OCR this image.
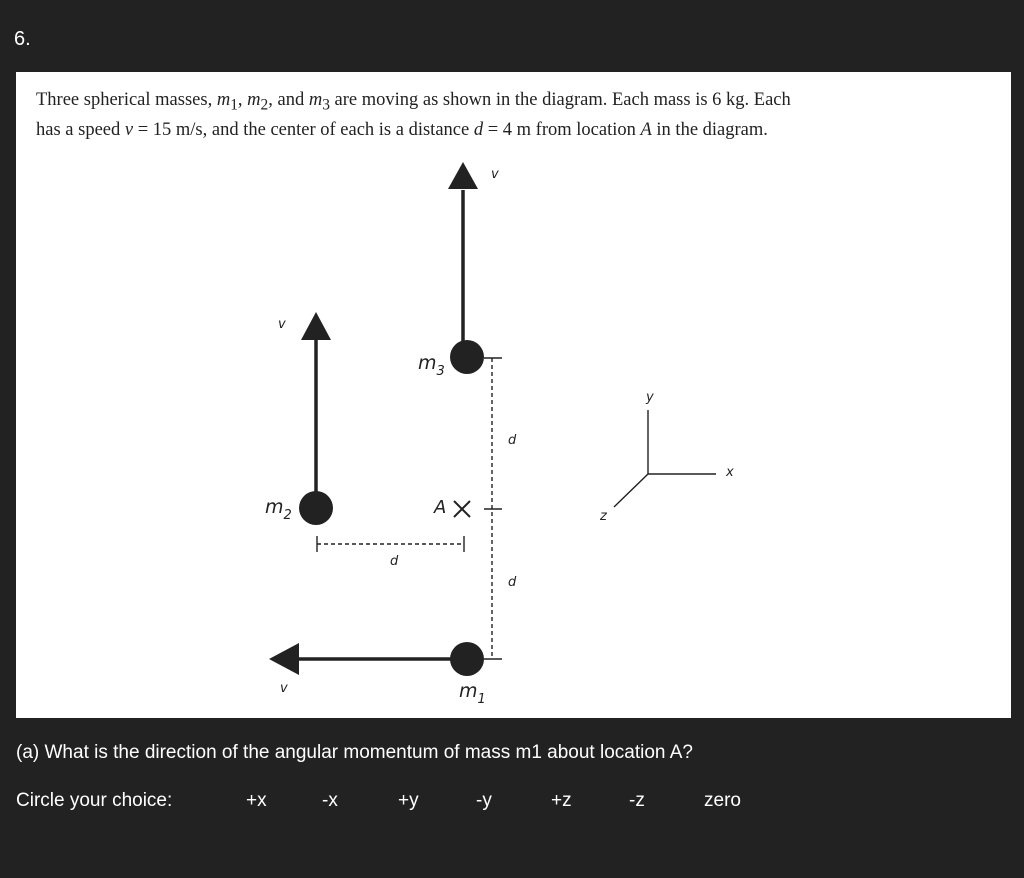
6.
Three spherical masses, $m_1$, $m_2$, and $m_3$ are moving as shown in the diagram. Each mass is 6 kg. Each
has a speed v = 15 m/s, and the center of each is a distance d = 4 m from location A in the diagram.
v
v
v
$m_3$
$m_2$
$m_1$
A
d
d
d
y
x
z
(a) What is the direction of the angular momentum of mass m1 about location A?
Circle your choice:	+x	-x	+y	-y	+z	-z	zero
